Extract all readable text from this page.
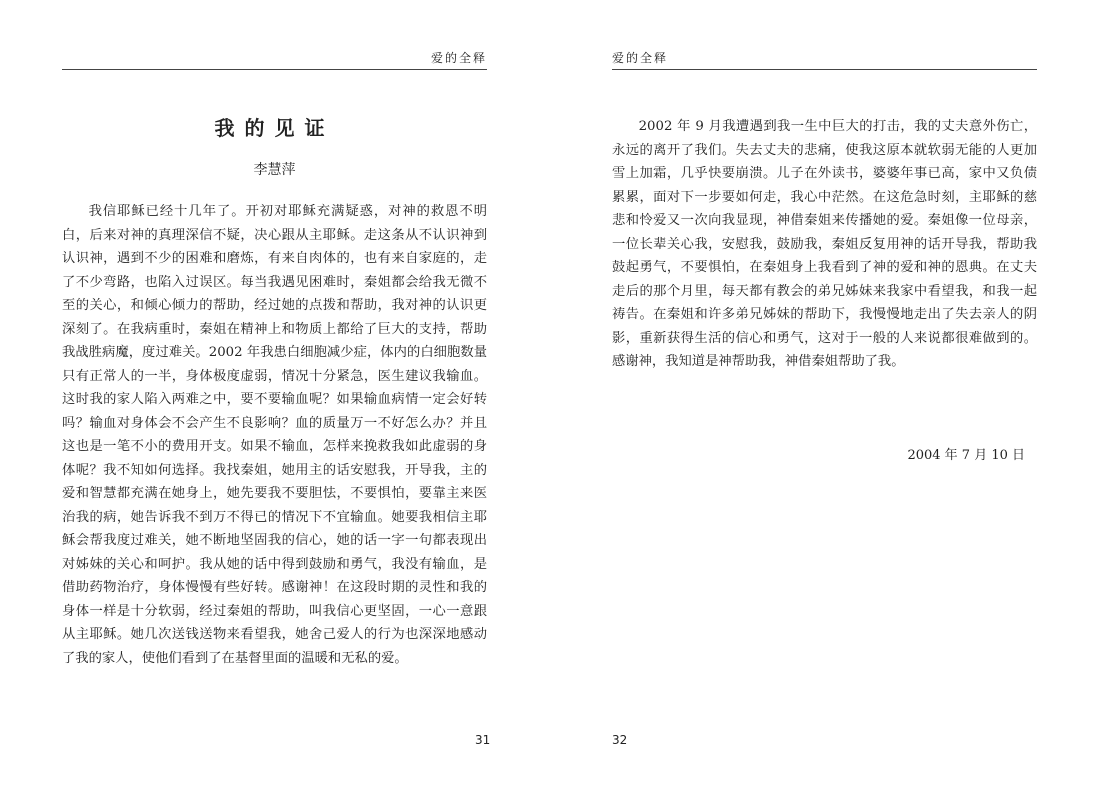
爱的全释
我的见证
李慧萍

我信耶稣已经十几年了。开初对耶稣充满疑惑，对神的救恩不明白，后来对神的真理深信不疑，决心跟从主耶稣。走这条从不认识神到认识神，遇到不少的困难和磨炼，有来自肉体的，也有来自家庭的，走了不少弯路，也陷入过误区。每当我遇见困难时，秦姐都会给我无微不至的关心，和倾心倾力的帮助，经过她的点拨和帮助，我对神的认识更深刻了。在我病重时，秦姐在精神上和物质上都给了巨大的支持，帮助我战胜病魔，度过难关。2002 年我患白细胞减少症，体内的白细胞数量只有正常人的一半，身体极度虚弱，情况十分紧急，医生建议我输血。这时我的家人陷入两难之中，要不要输血呢？如果输血病情一定会好转吗？输血对身体会不会产生不良影响？血的质量万一不好怎么办？并且这也是一笔不小的费用开支。如果不输血，怎样来挽救我如此虚弱的身体呢？我不知如何选择。我找秦姐，她用主的话安慰我，开导我，主的爱和智慧都充满在她身上，她先要我不要胆怯，不要惧怕，要靠主来医治我的病，她告诉我不到万不得已的情况下不宜输血。她要我相信主耶稣会帮我度过难关，她不断地坚固我的信心，她的话一字一句都表现出对姊妹的关心和呵护。我从她的话中得到鼓励和勇气，我没有输血，是借助药物治疗，身体慢慢有些好转。感谢神！在这段时期的灵性和我的身体一样是十分软弱，经过秦姐的帮助，叫我信心更坚固，一心一意跟从主耶稣。她几次送钱送物来看望我，她舍己爱人的行为也深深地感动了我的家人，使他们看到了在基督里面的温暖和无私的爱。

31
爱的全释

2002 年 9 月我遭遇到我一生中巨大的打击，我的丈夫意外伤亡，永远的离开了我们。失去丈夫的悲痛，使我这原本就软弱无能的人更加雪上加霜，几乎快要崩溃。儿子在外读书，婆婆年事已高，家中又负债累累，面对下一步要如何走，我心中茫然。在这危急时刻，主耶稣的慈悲和怜爱又一次向我显现，神借秦姐来传播她的爱。秦姐像一位母亲，一位长辈关心我，安慰我，鼓励我，秦姐反复用神的话开导我，帮助我鼓起勇气，不要惧怕，在秦姐身上我看到了神的爱和神的恩典。在丈夫走后的那个月里，每天都有教会的弟兄姊妹来我家中看望我，和我一起祷告。在秦姐和许多弟兄姊妹的帮助下，我慢慢地走出了失去亲人的阴影，重新获得生活的信心和勇气，这对于一般的人来说都很难做到的。感谢神，我知道是神帮助我，神借秦姐帮助了我。

2004 年 7 月 10 日
32
